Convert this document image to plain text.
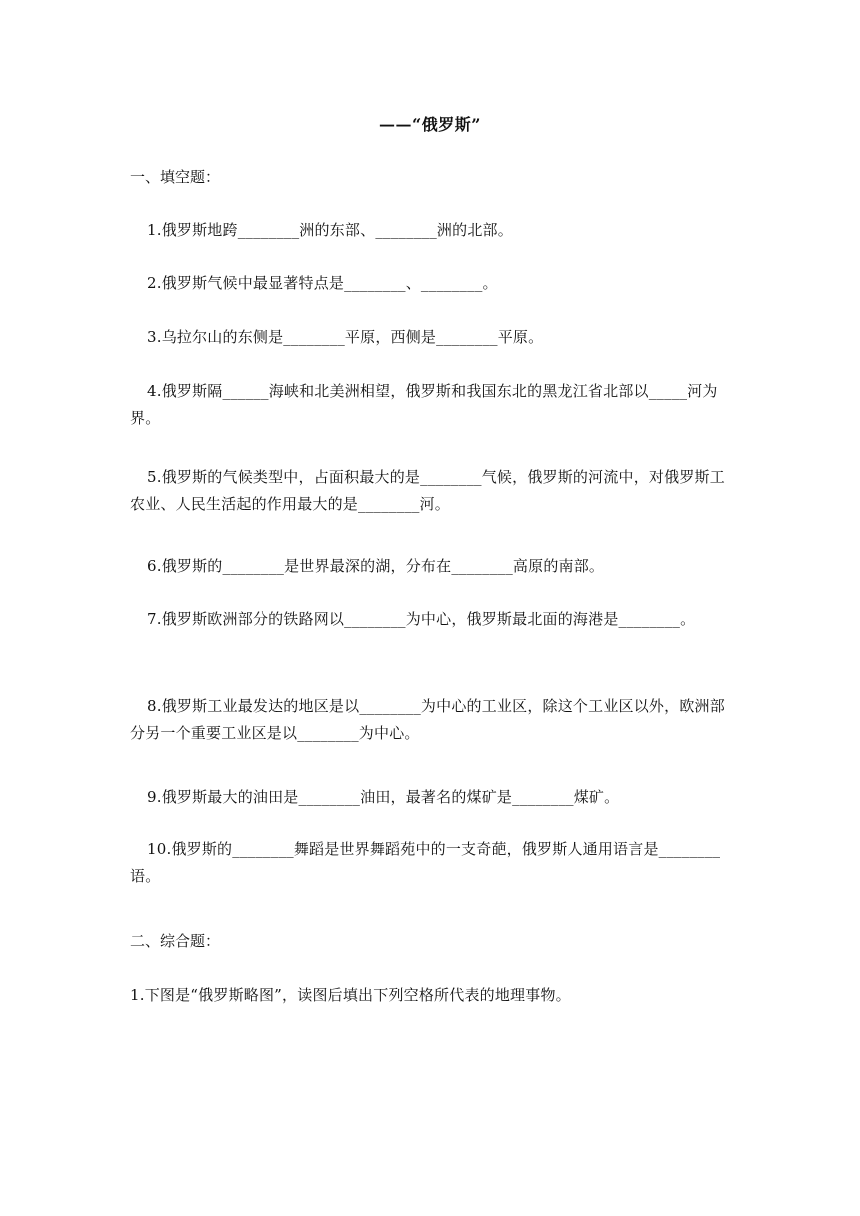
——“俄罗斯”
一、填空题：
1.俄罗斯地跨________洲的东部、________洲的北部。
2.俄罗斯气候中最显著特点是________、________。
3.乌拉尔山的东侧是________平原，西侧是________平原。
4.俄罗斯隔______海峡和北美洲相望，俄罗斯和我国东北的黑龙江省北部以_____河为界。
5.俄罗斯的气候类型中，占面积最大的是________气候，俄罗斯的河流中，对俄罗斯工农业、人民生活起的作用最大的是________河。
6.俄罗斯的________是世界最深的湖，分布在________高原的南部。
7.俄罗斯欧洲部分的铁路网以________为中心，俄罗斯最北面的海港是________。
8.俄罗斯工业最发达的地区是以________为中心的工业区，除这个工业区以外，欧洲部分另一个重要工业区是以________为中心。
9.俄罗斯最大的油田是________油田，最著名的煤矿是________煤矿。
10.俄罗斯的________舞蹈是世界舞蹈苑中的一支奇葩，俄罗斯人通用语言是________语。
二、综合题：
1.下图是“俄罗斯略图”，读图后填出下列空格所代表的地理事物。
